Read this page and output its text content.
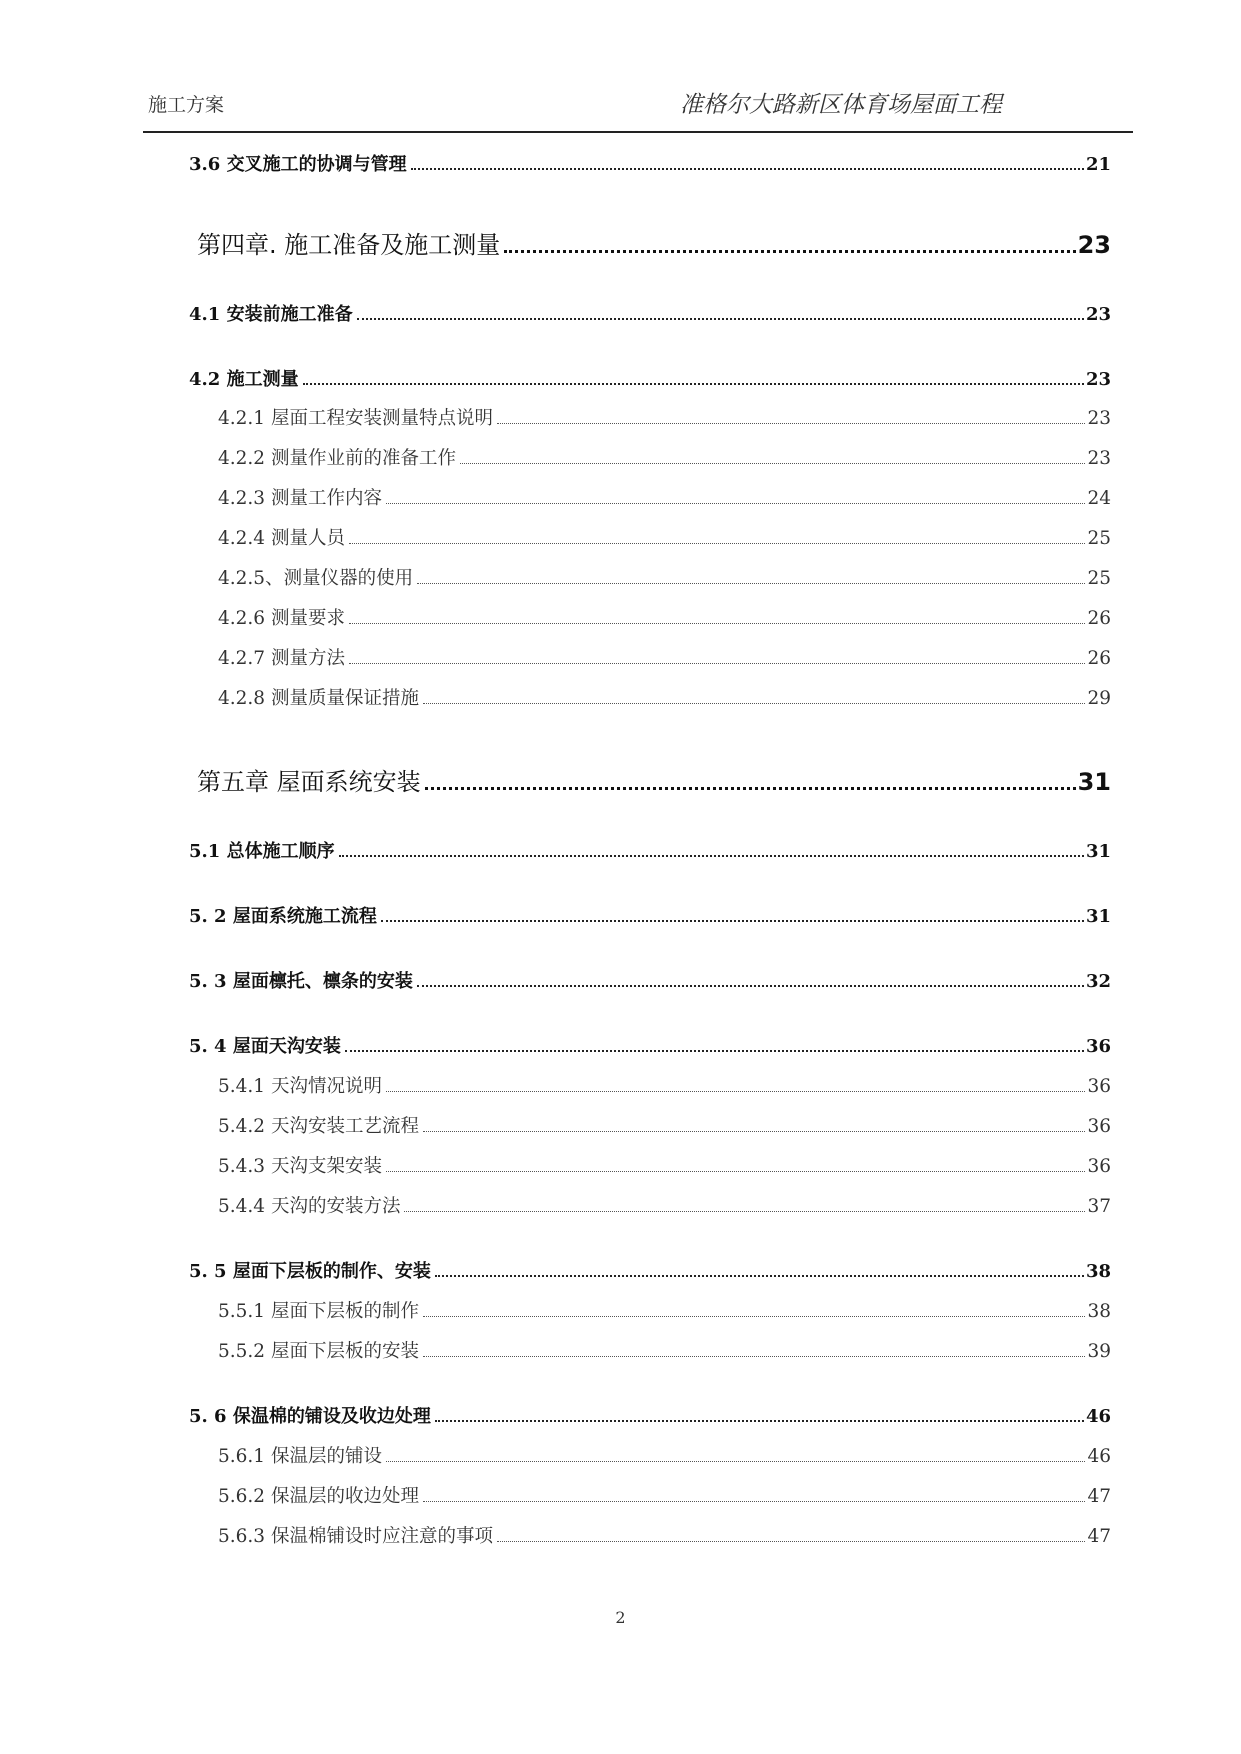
施工方案	准格尔大路新区体育场屋面工程
3.6 交叉施工的协调与管理	21
第四章. 施工准备及施工测量	23
4.1 安装前施工准备	23
4.2 施工测量	23
4.2.1 屋面工程安装测量特点说明	23
4.2.2 测量作业前的准备工作	23
4.2.3 测量工作内容	24
4.2.4 测量人员	25
4.2.5、测量仪器的使用	25
4.2.6 测量要求	26
4.2.7 测量方法	26
4.2.8 测量质量保证措施	29
第五章 屋面系统安装	31
5.1 总体施工顺序	31
5. 2 屋面系统施工流程	31
5. 3 屋面檩托、檩条的安装	32
5. 4 屋面天沟安装	36
5.4.1 天沟情况说明	36
5.4.2 天沟安装工艺流程	36
5.4.3 天沟支架安装	36
5.4.4 天沟的安装方法	37
5. 5 屋面下层板的制作、安装	38
5.5.1 屋面下层板的制作	38
5.5.2 屋面下层板的安装	39
5. 6 保温棉的铺设及收边处理	46
5.6.1 保温层的铺设	46
5.6.2 保温层的收边处理	47
5.6.3 保温棉铺设时应注意的事项	47
2
